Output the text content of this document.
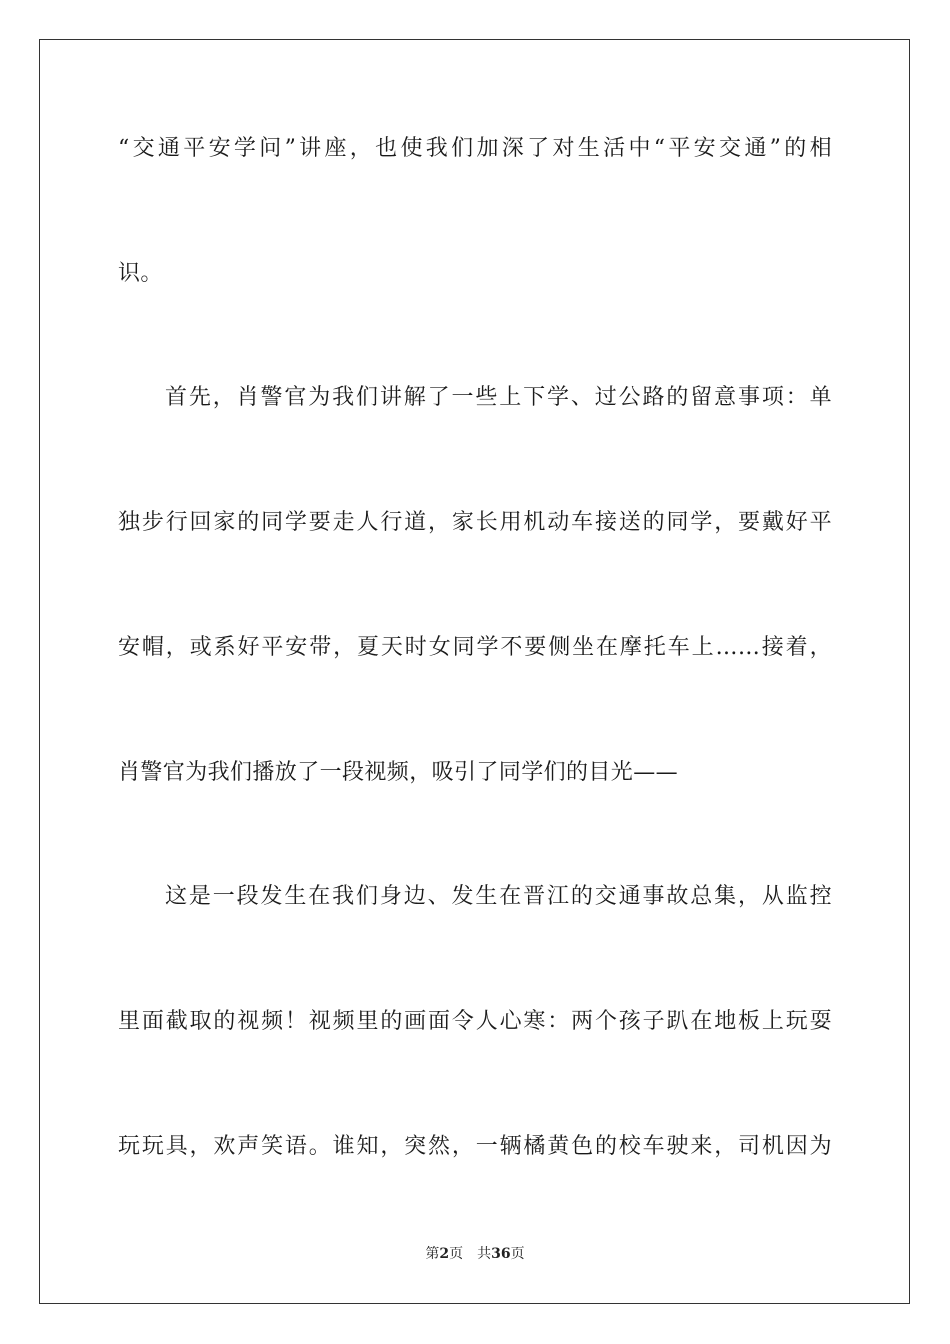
“交通平安学问”讲座，也使我们加深了对生活中“平安交通”的相
识。
首先，肖警官为我们讲解了一些上下学、过公路的留意事项：单
独步行回家的同学要走人行道，家长用机动车接送的同学，要戴好平
安帽，或系好平安带，夏天时女同学不要侧坐在摩托车上……接着，
肖警官为我们播放了一段视频，吸引了同学们的目光——
这是一段发生在我们身边、发生在晋江的交通事故总集，从监控
里面截取的视频！视频里的画面令人心寒：两个孩子趴在地板上玩耍
玩玩具，欢声笑语。谁知，突然，一辆橘黄色的校车驶来，司机因为
第2页 共36页
